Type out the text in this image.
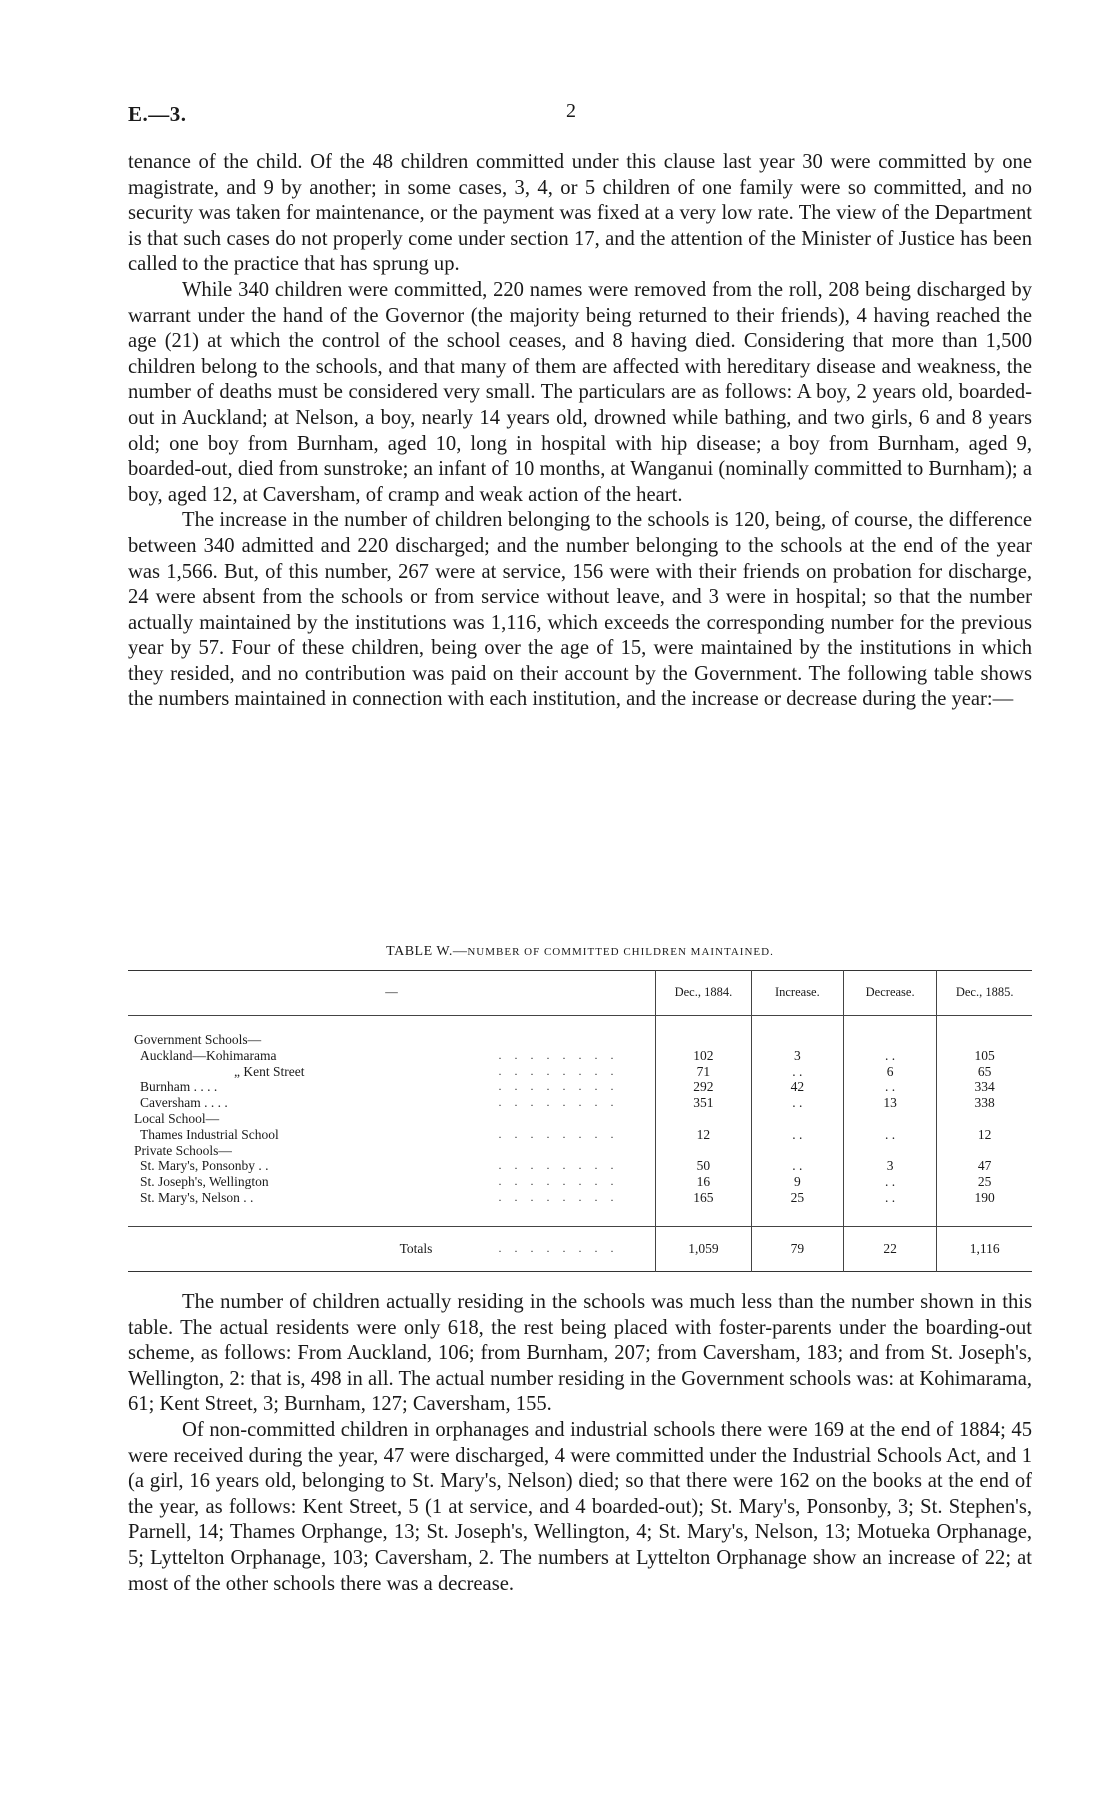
E.—3.	2

tenance of the child. Of the 48 children committed under this clause last year 30 were committed by one magistrate, and 9 by another; in some cases, 3, 4, or 5 children of one family were so committed, and no security was taken for maintenance, or the payment was fixed at a very low rate. The view of the Department is that such cases do not properly come under section 17, and the attention of the Minister of Justice has been called to the practice that has sprung up.

While 340 children were committed, 220 names were removed from the roll, 208 being discharged by warrant under the hand of the Governor (the majority being returned to their friends), 4 having reached the age (21) at which the control of the school ceases, and 8 having died. Considering that more than 1,500 children belong to the schools, and that many of them are affected with hereditary disease and weakness, the number of deaths must be considered very small. The particulars are as follows: A boy, 2 years old, boarded-out in Auckland; at Nelson, a boy, nearly 14 years old, drowned while bathing, and two girls, 6 and 8 years old; one boy from Burnham, aged 10, long in hospital with hip disease; a boy from Burnham, aged 9, boarded-out, died from sunstroke; an infant of 10 months, at Wanganui (nominally committed to Burnham); a boy, aged 12, at Caversham, of cramp and weak action of the heart.

The increase in the number of children belonging to the schools is 120, being, of course, the difference between 340 admitted and 220 discharged; and the number belonging to the schools at the end of the year was 1,566. But, of this number, 267 were at service, 156 were with their friends on probation for discharge, 24 were absent from the schools or from service without leave, and 3 were in hospital; so that the number actually maintained by the institutions was 1,116, which exceeds the corresponding number for the previous year by 57. Four of these children, being over the age of 15, were maintained by the institutions in which they resided, and no contribution was paid on their account by the Government. The following table shows the numbers maintained in connection with each institution, and the increase or decrease during the year:—

TABLE W.—NUMBER OF COMMITTED CHILDREN MAINTAINED.
—		Dec., 1884.	Increase.	Decrease.	Dec., 1885.

Government Schools—					
Auckland—Kohimarama	. . . . . . . .	102	3	. .	105
„ Kent Street	. . . . . . . .	71	. .	6	65
Burnham . . . .	. . . . . . . .	292	42	. .	334
Caversham . . . .	. . . . . . . .	351	. .	13	338
Local School—					
Thames Industrial School	. . . . . . . .	12	. .	. .	12
Private Schools—					
St. Mary's, Ponsonby . .	. . . . . . . .	50	. .	3	47
St. Joseph's, Wellington	. . . . . . . .	16	9	. .	25
St. Mary's, Nelson . .	. . . . . . . .	165	25	. .	190

Totals	. . . . . . . .	1,059	79	22	1,116

The number of children actually residing in the schools was much less than the number shown in this table. The actual residents were only 618, the rest being placed with foster-parents under the boarding-out scheme, as follows: From Auckland, 106; from Burnham, 207; from Caversham, 183; and from St. Joseph's, Wellington, 2: that is, 498 in all. The actual number residing in the Government schools was: at Kohimarama, 61; Kent Street, 3; Burnham, 127; Caversham, 155.

Of non-committed children in orphanages and industrial schools there were 169 at the end of 1884; 45 were received during the year, 47 were discharged, 4 were committed under the Industrial Schools Act, and 1 (a girl, 16 years old, belonging to St. Mary's, Nelson) died; so that there were 162 on the books at the end of the year, as follows: Kent Street, 5 (1 at service, and 4 boarded-out); St. Mary's, Ponsonby, 3; St. Stephen's, Parnell, 14; Thames Orphange, 13; St. Joseph's, Wellington, 4; St. Mary's, Nelson, 13; Motueka Orphanage, 5; Lyttelton Orphanage, 103; Caversham, 2. The numbers at Lyttelton Orphanage show an increase of 22; at most of the other schools there was a decrease.
